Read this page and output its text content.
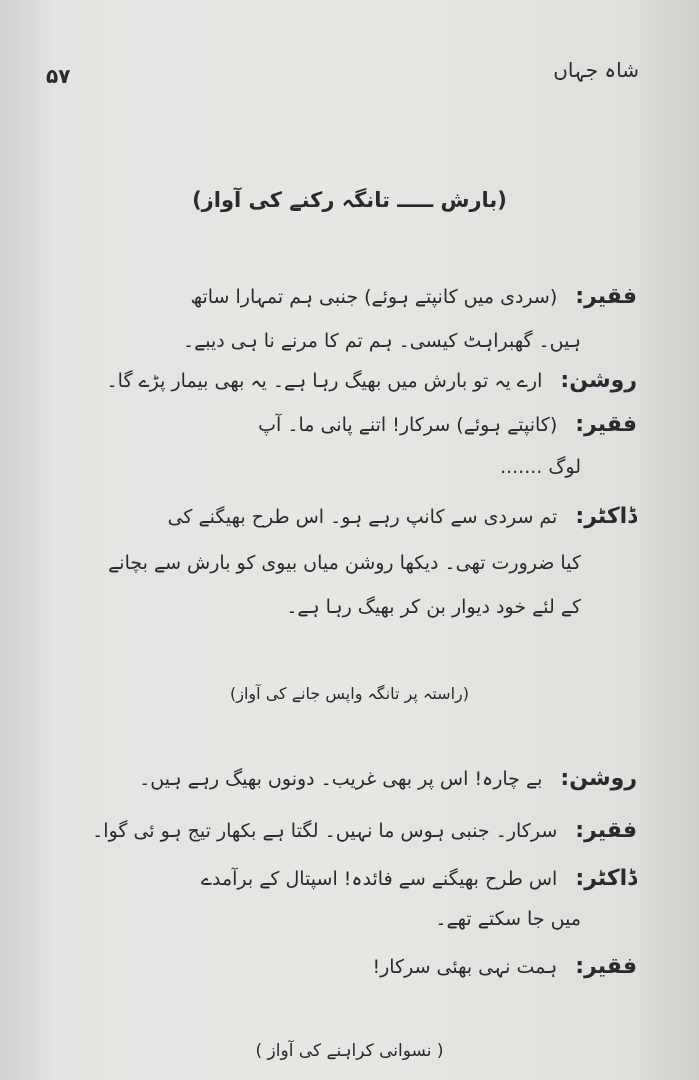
۵۷	شاہ جہاں
(بارش ـــــ تانگہ رکنے کی آواز)
فقیر: (سردی میں کانپتے ہوئے) جنبی ہم تمہارا ساتھ
ہیں۔ گھبراہٹ کیسی۔ ہم تم کا مرنے نا ہی دیبے۔
روشن: ارے یہ تو بارش میں بھیگ رہا ہے۔ یہ بھی بیمار پڑے گا۔
فقیر: (کانپتے ہوئے) سرکار! اتنے پانی ما۔ آپ
لوگ .......
ڈاکٹر: تم سردی سے کانپ رہے ہو۔ اس طرح بھیگنے کی
کیا ضرورت تھی۔ دیکھا روشن میاں بیوی کو بارش سے بچانے
کے لئے خود دیوار بن کر بھیگ رہا ہے۔
(راستہ پر تانگہ واپس جانے کی آواز)
روشن: بے چارہ! اس پر بھی غریب۔ دونوں بھیگ رہے ہیں۔
فقیر: سرکار۔ جنبی ہوس ما نہیں۔ لگتا ہے بکھار تیج ہو ئی گوا۔
ڈاکٹر: اس طرح بھیگنے سے فائدہ! اسپتال کے برآمدے
میں جا سکتے تھے۔
فقیر: ہمت نہی بھئی سرکار!
( نسوانی کراہنے کی آواز )
